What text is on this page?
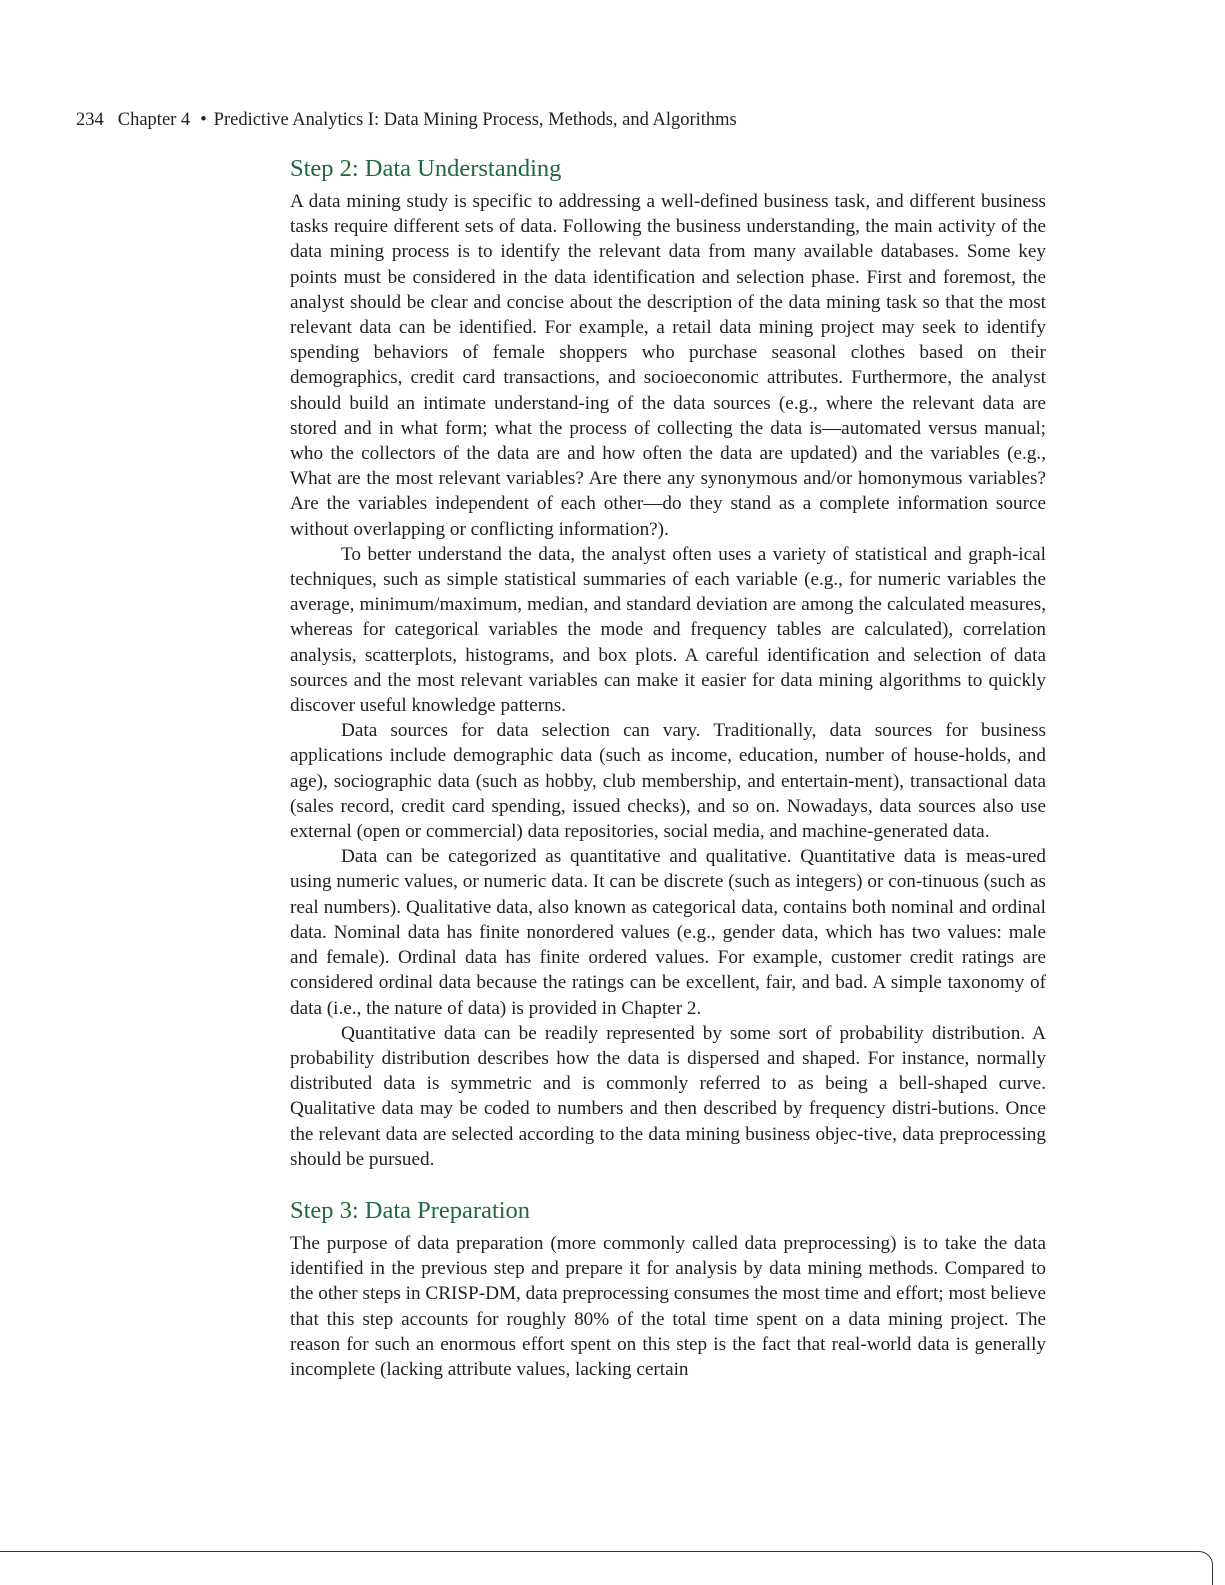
234 Chapter 4 • Predictive Analytics I: Data Mining Process, Methods, and Algorithms
Step 2: Data Understanding

A data mining study is specific to addressing a well-defined business task, and different business tasks require different sets of data. Following the business understanding, the main activity of the data mining process is to identify the relevant data from many available databases. Some key points must be considered in the data identification and selection phase. First and foremost, the analyst should be clear and concise about the description of the data mining task so that the most relevant data can be identified. For example, a retail data mining project may seek to identify spending behaviors of female shoppers who purchase seasonal clothes based on their demographics, credit card transactions, and socioeconomic attributes. Furthermore, the analyst should build an intimate understand-ing of the data sources (e.g., where the relevant data are stored and in what form; what the process of collecting the data is—automated versus manual; who the collectors of the data are and how often the data are updated) and the variables (e.g., What are the most relevant variables? Are there any synonymous and/or homonymous variables? Are the variables independent of each other—do they stand as a complete information source without overlapping or conflicting information?).

To better understand the data, the analyst often uses a variety of statistical and graph-ical techniques, such as simple statistical summaries of each variable (e.g., for numeric variables the average, minimum/maximum, median, and standard deviation are among the calculated measures, whereas for categorical variables the mode and frequency tables are calculated), correlation analysis, scatterplots, histograms, and box plots. A careful identification and selection of data sources and the most relevant variables can make it easier for data mining algorithms to quickly discover useful knowledge patterns.

Data sources for data selection can vary. Traditionally, data sources for business applications include demographic data (such as income, education, number of house-holds, and age), sociographic data (such as hobby, club membership, and entertain-ment), transactional data (sales record, credit card spending, issued checks), and so on. Nowadays, data sources also use external (open or commercial) data repositories, social media, and machine-generated data.

Data can be categorized as quantitative and qualitative. Quantitative data is meas-ured using numeric values, or numeric data. It can be discrete (such as integers) or con-tinuous (such as real numbers). Qualitative data, also known as categorical data, contains both nominal and ordinal data. Nominal data has finite nonordered values (e.g., gender data, which has two values: male and female). Ordinal data has finite ordered values. For example, customer credit ratings are considered ordinal data because the ratings can be excellent, fair, and bad. A simple taxonomy of data (i.e., the nature of data) is provided in Chapter 2.

Quantitative data can be readily represented by some sort of probability distribution. A probability distribution describes how the data is dispersed and shaped. For instance, normally distributed data is symmetric and is commonly referred to as being a bell-shaped curve. Qualitative data may be coded to numbers and then described by frequency distri-butions. Once the relevant data are selected according to the data mining business objec-tive, data preprocessing should be pursued.

Step 3: Data Preparation

The purpose of data preparation (more commonly called data preprocessing) is to take the data identified in the previous step and prepare it for analysis by data mining methods. Compared to the other steps in CRISP-DM, data preprocessing consumes the most time and effort; most believe that this step accounts for roughly 80% of the total time spent on a data mining project. The reason for such an enormous effort spent on this step is the fact that real-world data is generally incomplete (lacking attribute values, lacking certain
